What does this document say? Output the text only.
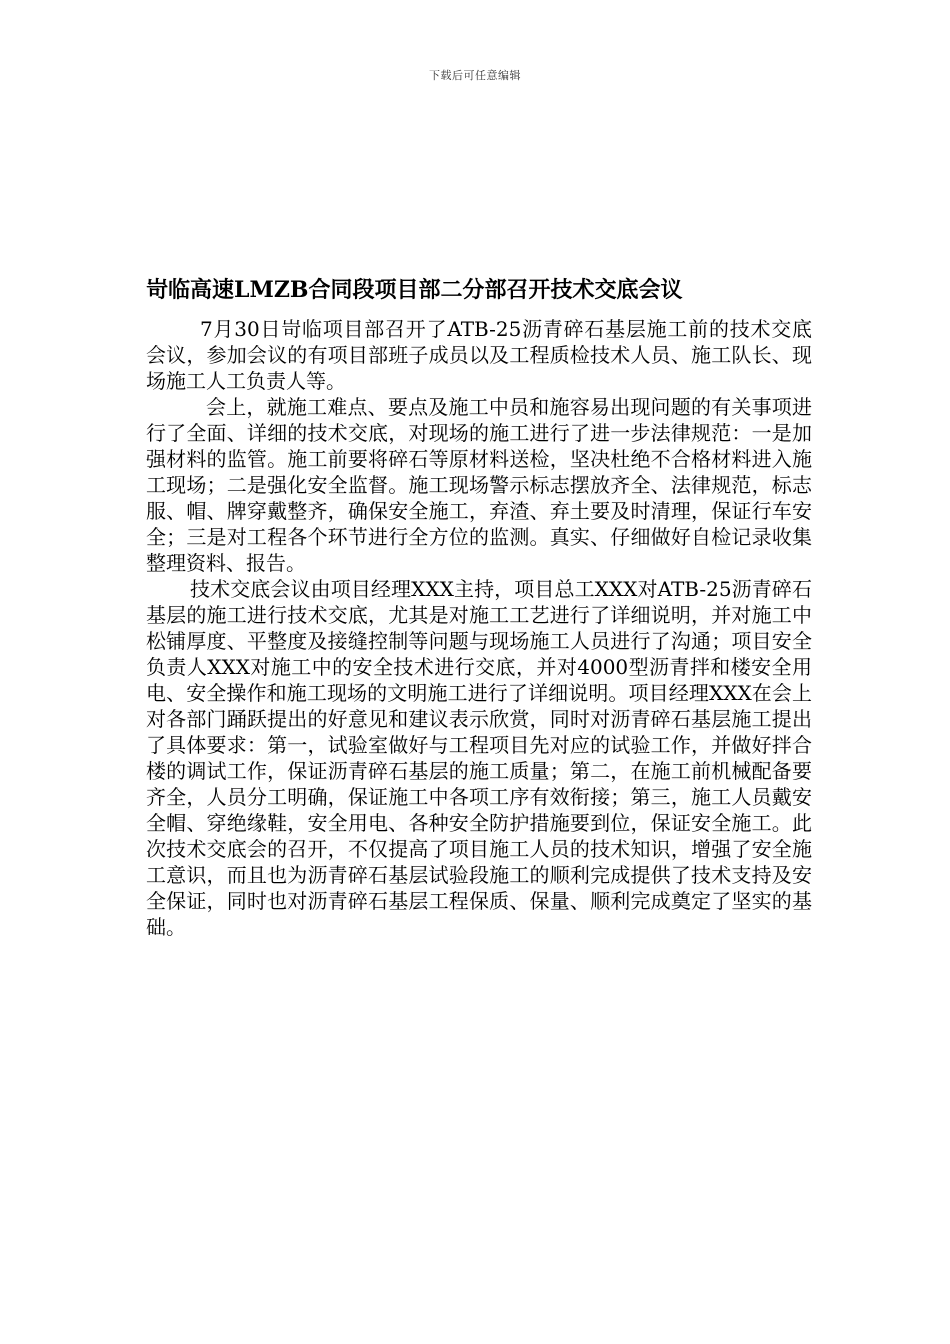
下载后可任意编辑
岢临高速LMZB合同段项目部二分部召开技术交底会议

7月30日岢临项目部召开了ATB-25沥青碎石基层施工前的技术交底会议，参加会议的有项目部班子成员以及工程质检技术人员、施工队长、现场施工人工负责人等。

会上，就施工难点、要点及施工中员和施容易出现问题的有关事项进行了全面、详细的技术交底，对现场的施工进行了进一步法律规范：一是加强材料的监管。施工前要将碎石等原材料送检，坚决杜绝不合格材料进入施工现场；二是强化安全监督。施工现场警示标志摆放齐全、法律规范，标志服、帽、牌穿戴整齐，确保安全施工，弃渣、弃土要及时清理，保证行车安全；三是对工程各个环节进行全方位的监测。真实、仔细做好自检记录收集整理资料、报告。

技术交底会议由项目经理XXX主持，项目总工XXX对ATB-25沥青碎石基层的施工进行技术交底，尤其是对施工工艺进行了详细说明，并对施工中松铺厚度、平整度及接缝控制等问题与现场施工人员进行了沟通；项目安全负责人XXX对施工中的安全技术进行交底，并对4000型沥青拌和楼安全用电、安全操作和施工现场的文明施工进行了详细说明。项目经理XXX在会上对各部门踊跃提出的好意见和建议表示欣赏，同时对沥青碎石基层施工提出了具体要求：第一，试验室做好与工程项目先对应的试验工作，并做好拌合楼的调试工作，保证沥青碎石基层的施工质量；第二，在施工前机械配备要齐全，人员分工明确，保证施工中各项工序有效衔接；第三，施工人员戴安全帽、穿绝缘鞋，安全用电、各种安全防护措施要到位，保证安全施工。此次技术交底会的召开，不仅提高了项目施工人员的技术知识，增强了安全施工意识，而且也为沥青碎石基层试验段施工的顺利完成提供了技术支持及安全保证，同时也对沥青碎石基层工程保质、保量、顺利完成奠定了坚实的基础。
